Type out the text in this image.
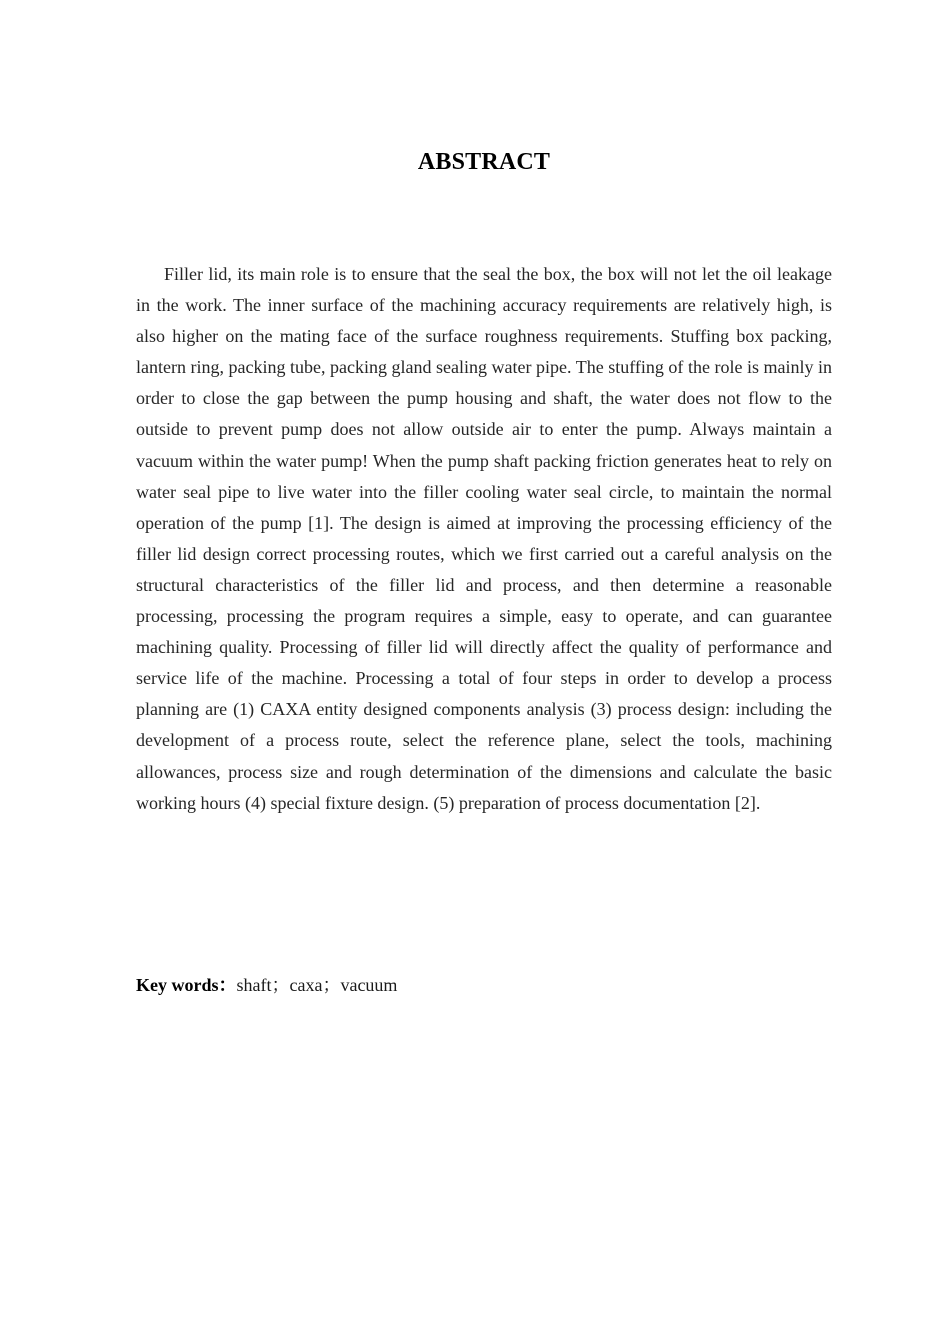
ABSTRACT

Filler lid, its main role is to ensure that the seal the box, the box will not let the oil leakage in the work. The inner surface of the machining accuracy requirements are relatively high, is also higher on the mating face of the surface roughness requirements. Stuffing box packing, lantern ring, packing tube, packing gland sealing water pipe. The stuffing of the role is mainly in order to close the gap between the pump housing and shaft, the water does not flow to the outside to prevent pump does not allow outside air to enter the pump. Always maintain a vacuum within the water pump! When the pump shaft packing friction generates heat to rely on water seal pipe to live water into the filler cooling water seal circle, to maintain the normal operation of the pump [1]. The design is aimed at improving the processing efficiency of the filler lid design correct processing routes, which we first carried out a careful analysis on the structural characteristics of the filler lid and process, and then determine a reasonable processing, processing the program requires a simple, easy to operate, and can guarantee machining quality. Processing of filler lid will directly affect the quality of performance and service life of the machine. Processing a total of four steps in order to develop a process planning are (1) CAXA entity designed components analysis (3) process design: including the development of a process route, select the reference plane, select the tools, machining allowances, process size and rough determination of the dimensions and calculate the basic working hours (4) special fixture design. (5) preparation of process documentation [2].

Key words：shaft；caxa；vacuum
